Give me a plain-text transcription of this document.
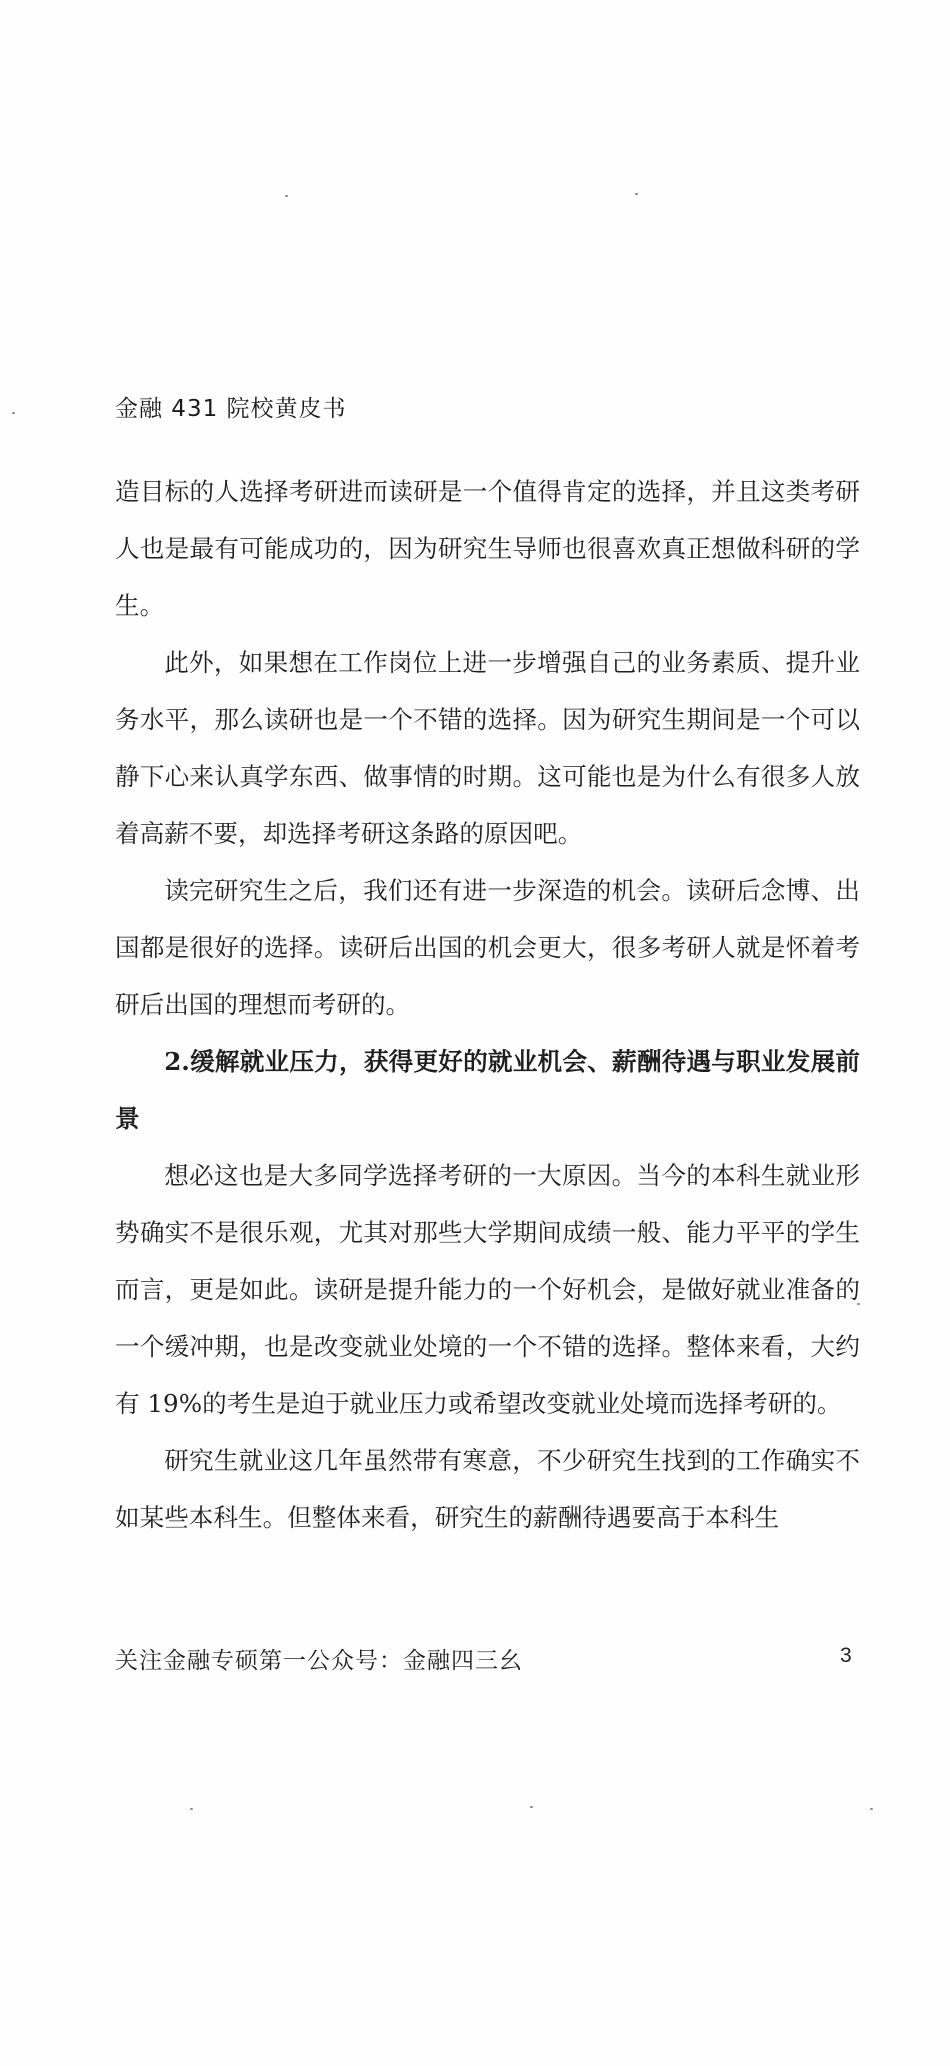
金融 431 院校黄皮书

造目标的人选择考研进而读研是一个值得肯定的选择，并且这类考研人也是最有可能成功的，因为研究生导师也很喜欢真正想做科研的学生。

此外，如果想在工作岗位上进一步增强自己的业务素质、提升业务水平，那么读研也是一个不错的选择。因为研究生期间是一个可以静下心来认真学东西、做事情的时期。这可能也是为什么有很多人放着高薪不要，却选择考研这条路的原因吧。

读完研究生之后，我们还有进一步深造的机会。读研后念博、出国都是很好的选择。读研后出国的机会更大，很多考研人就是怀着考研后出国的理想而考研的。

2.缓解就业压力，获得更好的就业机会、薪酬待遇与职业发展前景

想必这也是大多同学选择考研的一大原因。当今的本科生就业形势确实不是很乐观，尤其对那些大学期间成绩一般、能力平平的学生而言，更是如此。读研是提升能力的一个好机会，是做好就业准备的一个缓冲期，也是改变就业处境的一个不错的选择。整体来看，大约有 19%的考生是迫于就业压力或希望改变就业处境而选择考研的。

研究生就业这几年虽然带有寒意，不少研究生找到的工作确实不如某些本科生。但整体来看，研究生的薪酬待遇要高于本科生

关注金融专硕第一公众号：金融四三幺	3
